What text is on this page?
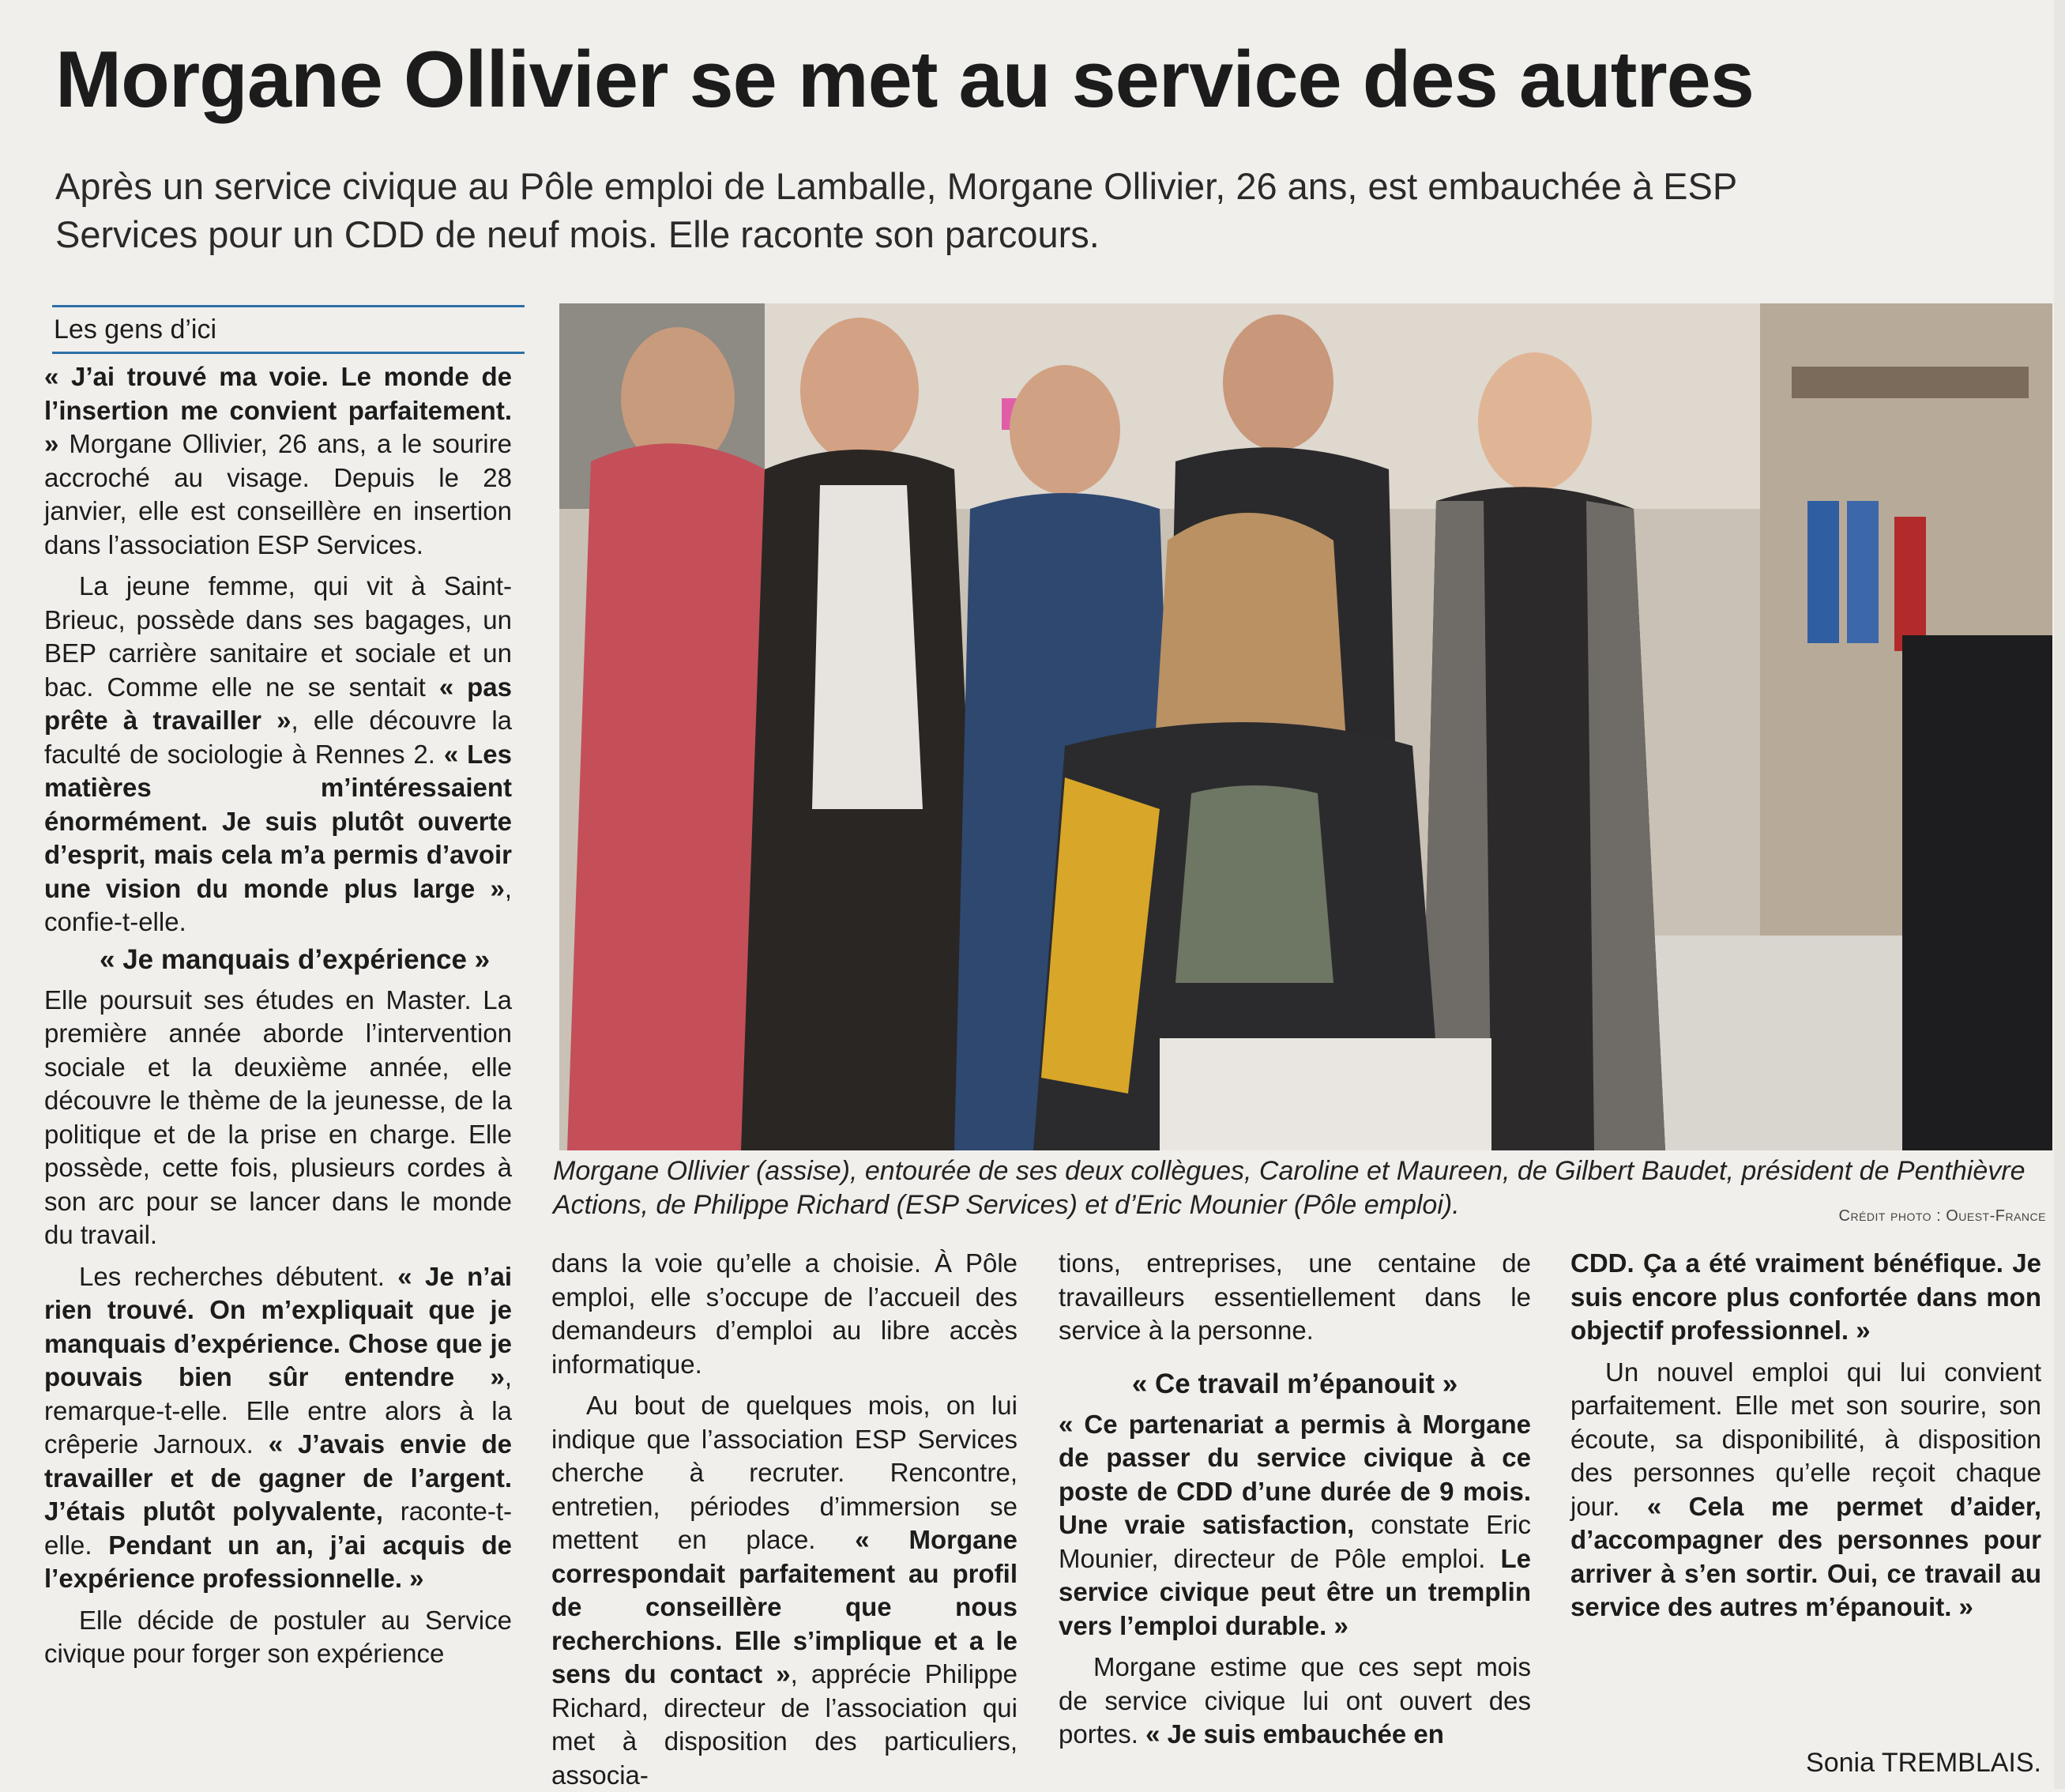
Morgane Ollivier se met au service des autres

Après un service civique au Pôle emploi de Lamballe, Morgane Ollivier, 26 ans, est embauchée à ESP Services pour un CDD de neuf mois. Elle raconte son parcours.

Les gens d’ici

« J’ai trouvé ma voie. Le monde de l’insertion me convient parfaitement. » Morgane Ollivier, 26 ans, a le sourire accroché au visage. Depuis le 28 janvier, elle est conseillère en insertion dans l’association ESP Services.

La jeune femme, qui vit à Saint-Brieuc, possède dans ses bagages, un BEP carrière sanitaire et sociale et un bac. Comme elle ne se sentait « pas prête à travailler », elle découvre la faculté de sociologie à Rennes 2. « Les matières m’intéressaient énormément. Je suis plutôt ouverte d’esprit, mais cela m’a permis d’avoir une vision du monde plus large », confie-t-elle.

« Je manquais d’expérience »

Elle poursuit ses études en Master. La première année aborde l’intervention sociale et la deuxième année, elle découvre le thème de la jeunesse, de la politique et de la prise en charge. Elle possède, cette fois, plusieurs cordes à son arc pour se lancer dans le monde du travail.

Les recherches débutent. « Je n’ai rien trouvé. On m’expliquait que je manquais d’expérience. Chose que je pouvais bien sûr entendre », remarque-t-elle. Elle entre alors à la crêperie Jarnoux. « J’avais envie de travailler et de gagner de l’argent. J’étais plutôt polyvalente, raconte-t-elle. Pendant un an, j’ai acquis de l’expérience professionnelle. »

Elle décide de postuler au Service civique pour forger son expérience

Morgane Ollivier (assise), entourée de ses deux collègues, Caroline et Maureen, de Gilbert Baudet, président de Penthièvre Actions, de Philippe Richard (ESP Services) et d’Eric Mounier (Pôle emploi).	Crédit photo : Ouest-France

dans la voie qu’elle a choisie. À Pôle emploi, elle s’occupe de l’accueil des demandeurs d’emploi au libre accès informatique.

Au bout de quelques mois, on lui indique que l’association ESP Services cherche à recruter. Rencontre, entretien, périodes d’immersion se mettent en place. « Morgane correspondait parfaitement au profil de conseillère que nous recherchions. Elle s’implique et a le sens du contact », apprécie Philippe Richard, directeur de l’association qui met à disposition des particuliers, associa-

tions, entreprises, une centaine de travailleurs essentiellement dans le service à la personne.

« Ce travail m’épanouit »

« Ce partenariat a permis à Morgane de passer du service civique à ce poste de CDD d’une durée de 9 mois. Une vraie satisfaction, constate Eric Mounier, directeur de Pôle emploi. Le service civique peut être un tremplin vers l’emploi durable. »

Morgane estime que ces sept mois de service civique lui ont ouvert des portes. « Je suis embauchée en

CDD. Ça a été vraiment bénéfique. Je suis encore plus confortée dans mon objectif professionnel. »

Un nouvel emploi qui lui convient parfaitement. Elle met son sourire, son écoute, sa disponibilité, à disposition des personnes qu’elle reçoit chaque jour. « Cela me permet d’aider, d’accompagner des personnes pour arriver à s’en sortir. Oui, ce travail au service des autres m’épanouit. »

Sonia TREMBLAIS.
